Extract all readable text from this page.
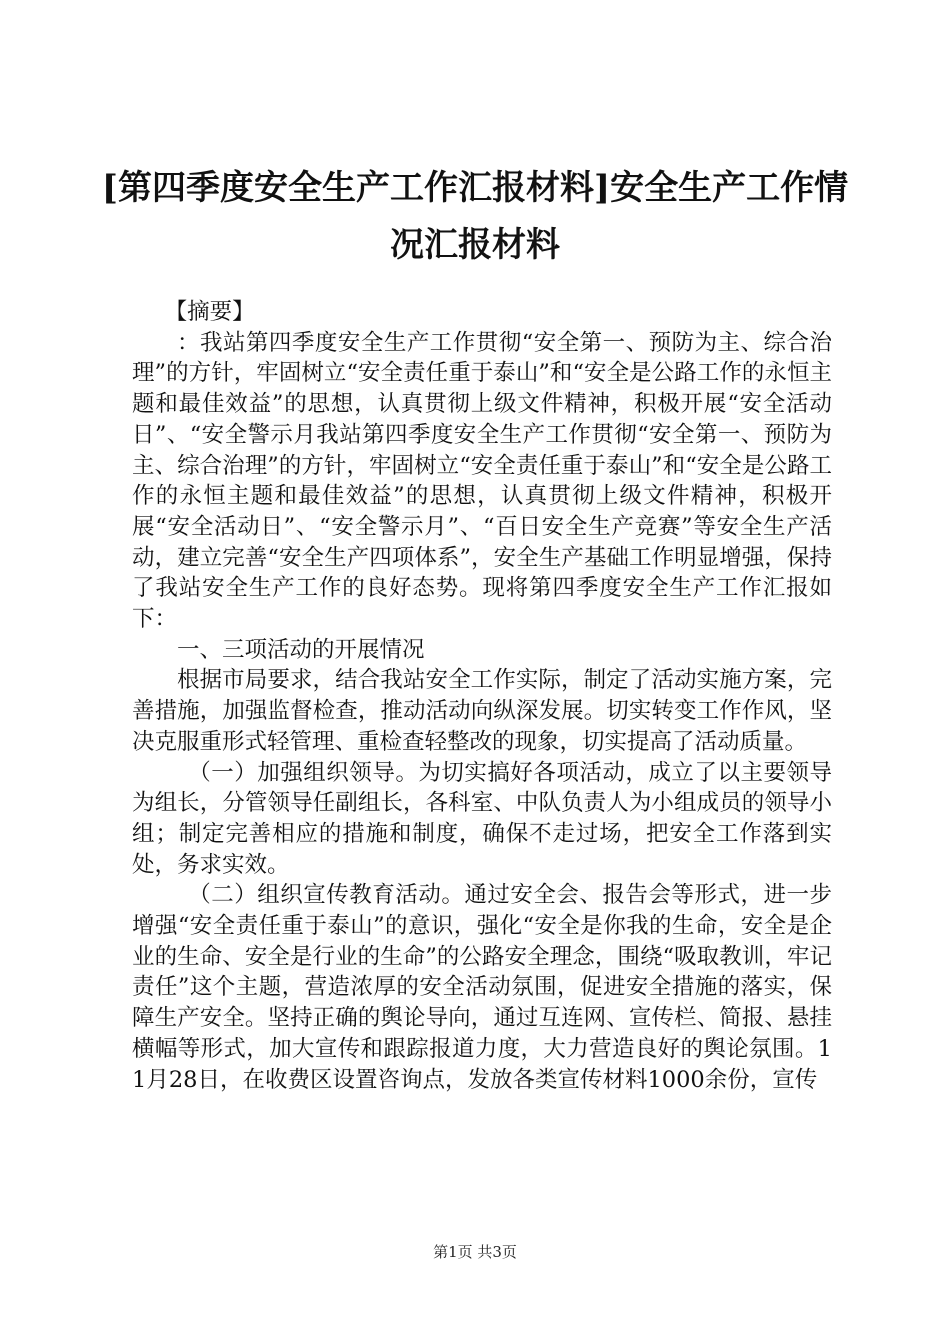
[第四季度安全生产工作汇报材料]安全生产工作情况汇报材料

【摘要】

：我站第四季度安全生产工作贯彻“安全第一、预防为主、综合治理”的方针，牢固树立“安全责任重于泰山”和“安全是公路工作的永恒主题和最佳效益”的思想，认真贯彻上级文件精神，积极开展“安全活动日”、“安全警示月我站第四季度安全生产工作贯彻“安全第一、预防为主、综合治理”的方针，牢固树立“安全责任重于泰山”和“安全是公路工作的永恒主题和最佳效益”的思想，认真贯彻上级文件精神，积极开展“安全活动日”、“安全警示月”、“百日安全生产竞赛”等安全生产活动，建立完善“安全生产四项体系”，安全生产基础工作明显增强，保持了我站安全生产工作的良好态势。现将第四季度安全生产工作汇报如下：

一、三项活动的开展情况

根据市局要求，结合我站安全工作实际，制定了活动实施方案，完善措施，加强监督检查，推动活动向纵深发展。切实转变工作作风，坚决克服重形式轻管理、重检查轻整改的现象，切实提高了活动质量。

（一）加强组织领导。为切实搞好各项活动，成立了以主要领导为组长，分管领导任副组长，各科室、中队负责人为小组成员的领导小组；制定完善相应的措施和制度，确保不走过场，把安全工作落到实处，务求实效。

（二）组织宣传教育活动。通过安全会、报告会等形式，进一步增强“安全责任重于泰山”的意识，强化“安全是你我的生命，安全是企业的生命、安全是行业的生命”的公路安全理念，围绕“吸取教训，牢记责任”这个主题，营造浓厚的安全活动氛围，促进安全措施的落实，保障生产安全。坚持正确的舆论导向，通过互连网、宣传栏、简报、悬挂横幅等形式，加大宣传和跟踪报道力度，大力营造良好的舆论氛围。11月28日，在收费区设置咨询点，发放各类宣传材料1000余份，宣传

第1页 共3页
